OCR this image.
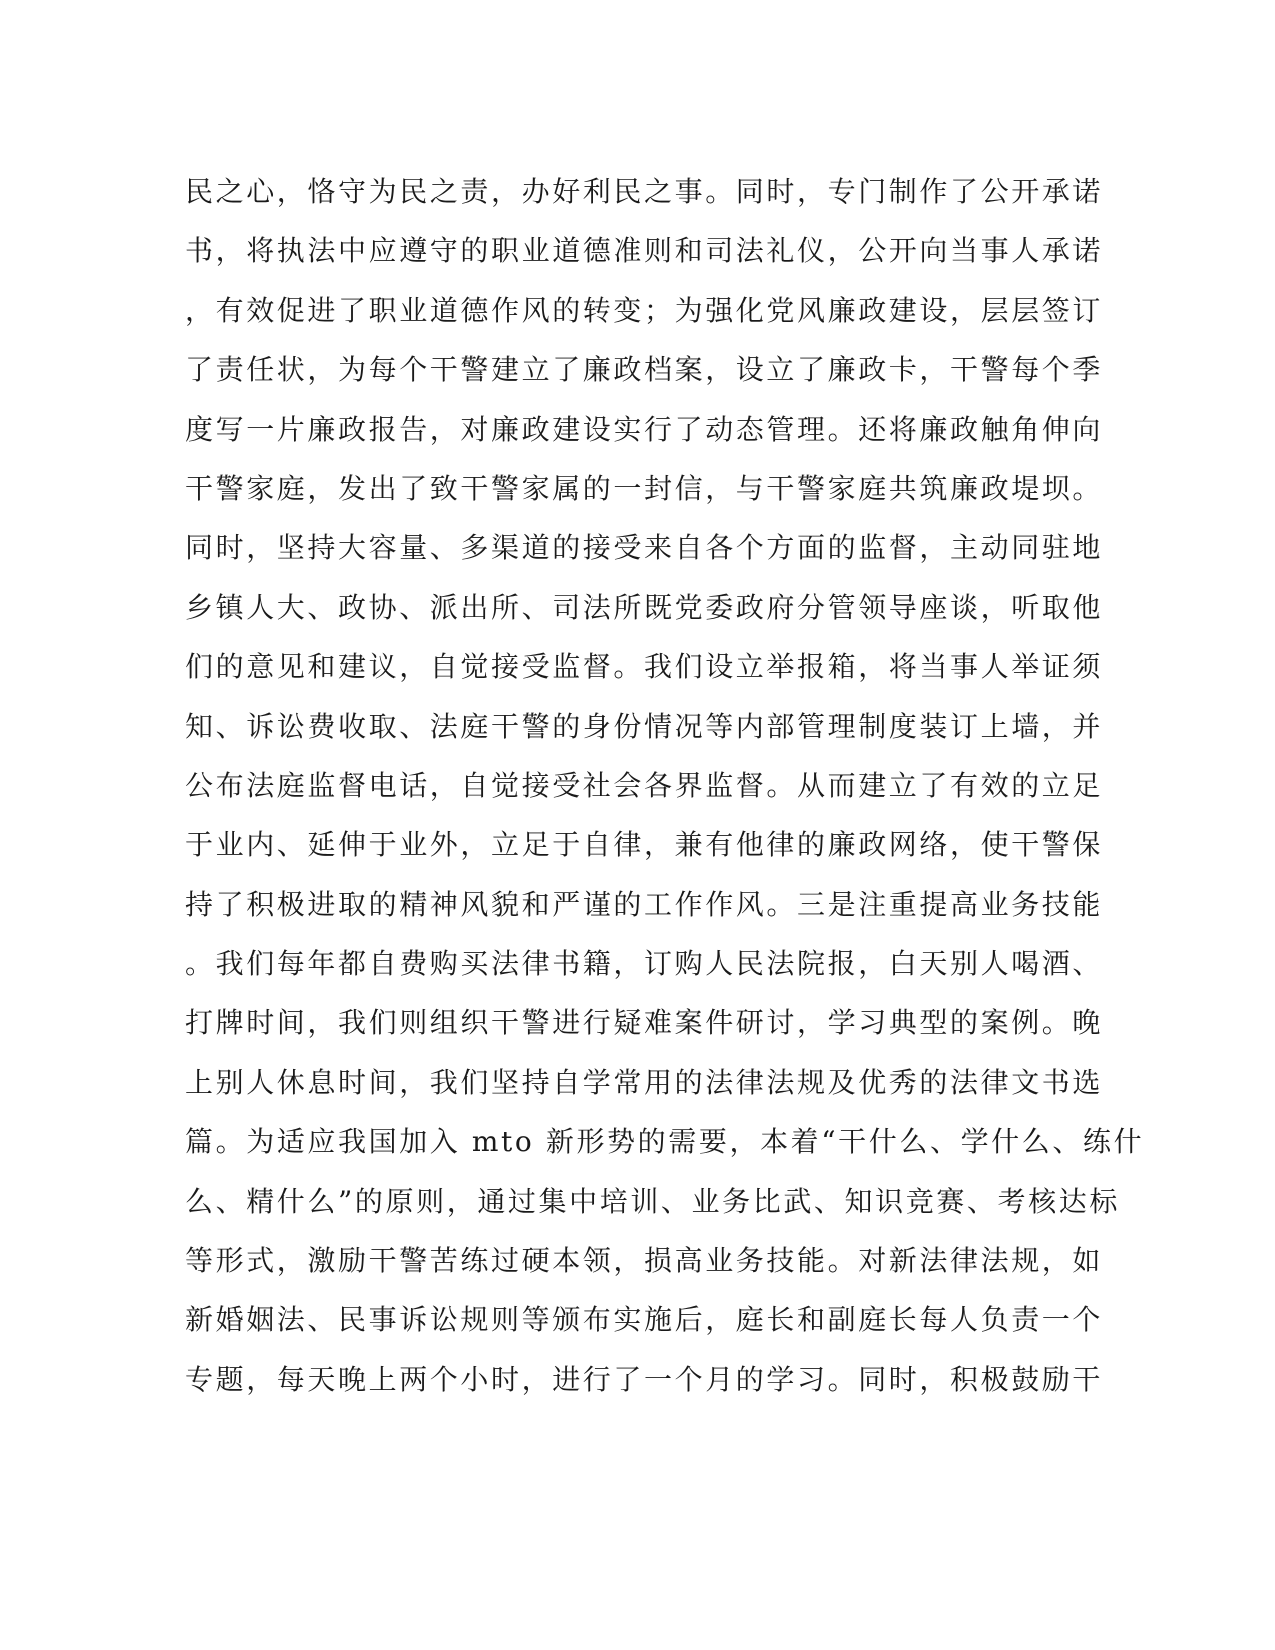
民之心，恪守为民之责，办好利民之事。同时，专门制作了公开承诺
书，将执法中应遵守的职业道德准则和司法礼仪，公开向当事人承诺
，有效促进了职业道德作风的转变；为强化党风廉政建设，层层签订
了责任状，为每个干警建立了廉政档案，设立了廉政卡，干警每个季
度写一片廉政报告，对廉政建设实行了动态管理。还将廉政触角伸向
干警家庭，发出了致干警家属的一封信，与干警家庭共筑廉政堤坝。
同时，坚持大容量、多渠道的接受来自各个方面的监督，主动同驻地
乡镇人大、政协、派出所、司法所既党委政府分管领导座谈，听取他
们的意见和建议，自觉接受监督。我们设立举报箱，将当事人举证须
知、诉讼费收取、法庭干警的身份情况等内部管理制度装订上墙，并
公布法庭监督电话，自觉接受社会各界监督。从而建立了有效的立足
于业内、延伸于业外，立足于自律，兼有他律的廉政网络，使干警保
持了积极进取的精神风貌和严谨的工作作风。三是注重提高业务技能
。我们每年都自费购买法律书籍，订购人民法院报，白天别人喝酒、
打牌时间，我们则组织干警进行疑难案件研讨，学习典型的案例。晚
上别人休息时间，我们坚持自学常用的法律法规及优秀的法律文书选
篇。为适应我国加入 mto 新形势的需要，本着“干什么、学什么、练什
么、精什么”的原则，通过集中培训、业务比武、知识竞赛、考核达标
等形式，激励干警苦练过硬本领，损高业务技能。对新法律法规，如
新婚姻法、民事诉讼规则等颁布实施后，庭长和副庭长每人负责一个
专题，每天晚上两个小时，进行了一个月的学习。同时，积极鼓励干
